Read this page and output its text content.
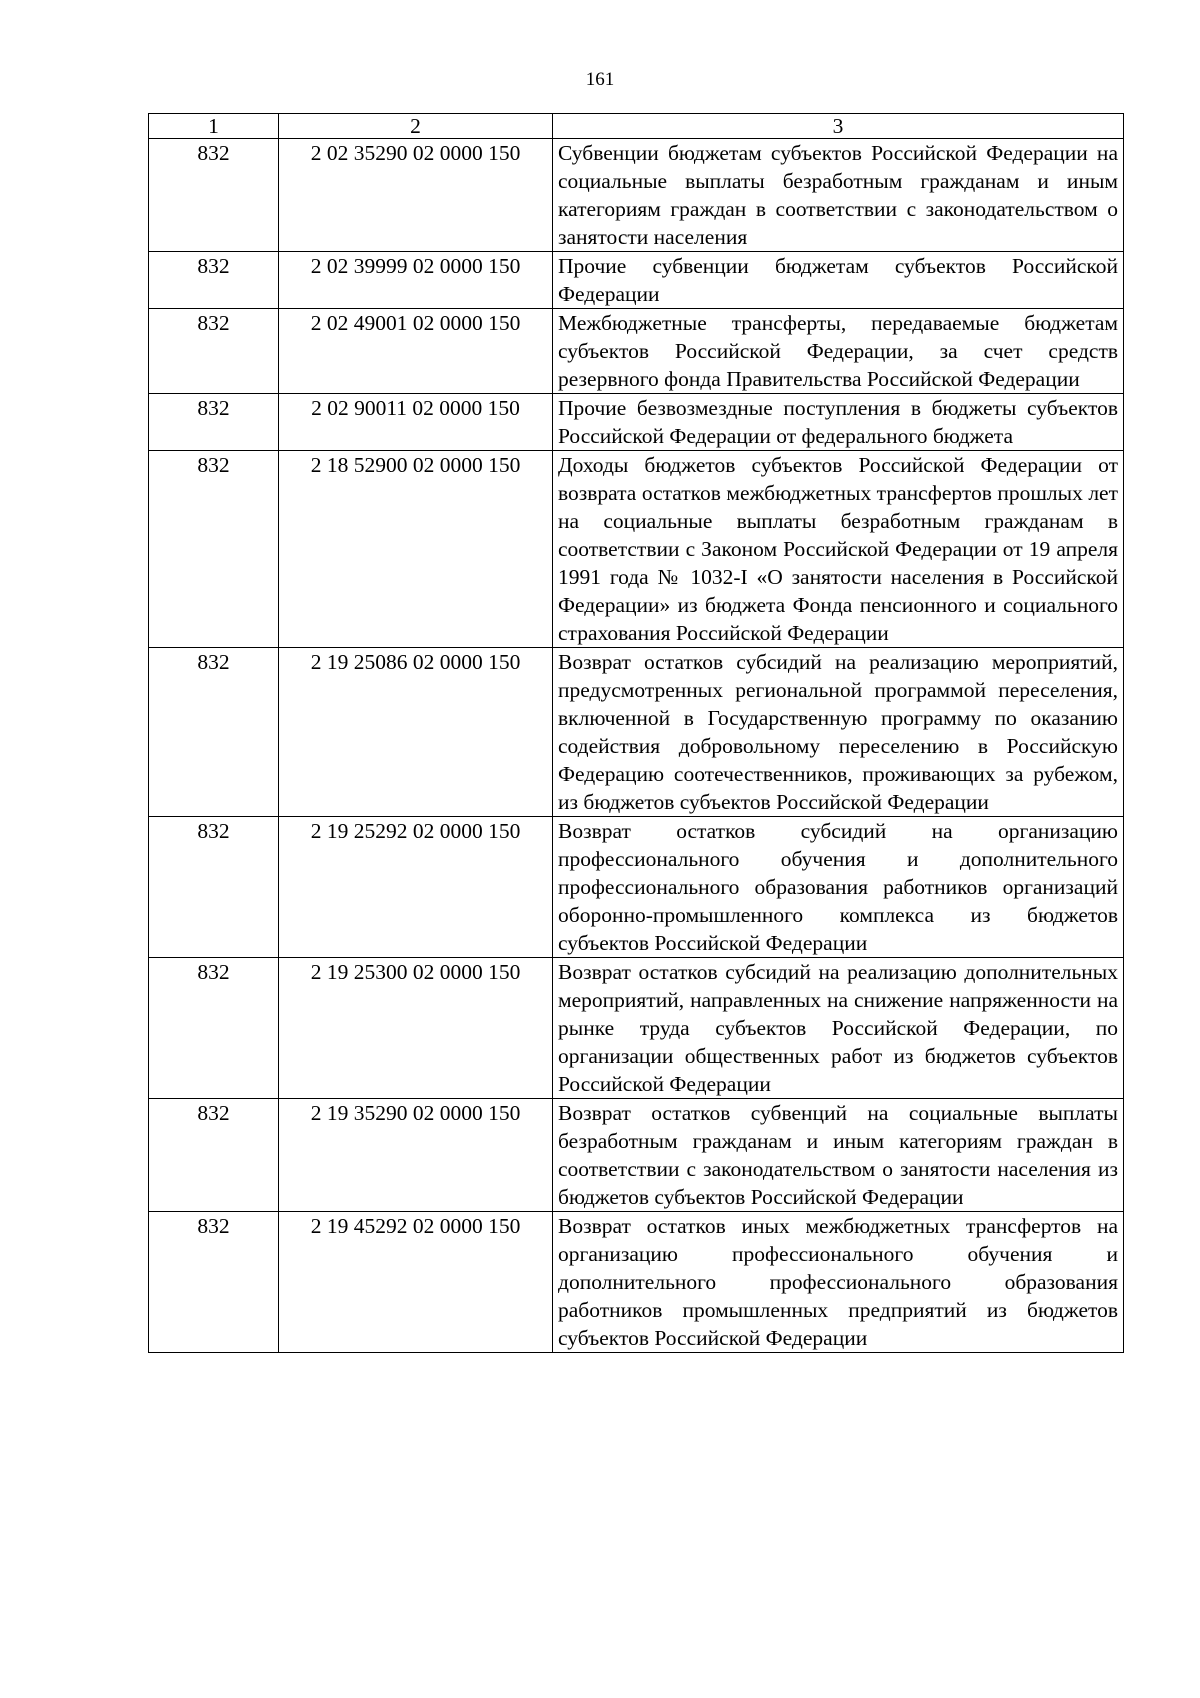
161
1	2	3
832	2 02 35290 02 0000 150	Субвенции бюджетам субъектов Российской Федерации на социальные выплаты безработным гражданам и иным категориям граждан в соответствии с законодательством о занятости населения
832	2 02 39999 02 0000 150	Прочие субвенции бюджетам субъектов Российской Федерации
832	2 02 49001 02 0000 150	Межбюджетные трансферты, передаваемые бюджетам субъектов Российской Федерации, за счет средств резервного фонда Правительства Российской Федерации
832	2 02 90011 02 0000 150	Прочие безвозмездные поступления в бюджеты субъектов Российской Федерации от федерального бюджета
832	2 18 52900 02 0000 150	Доходы бюджетов субъектов Российской Федерации от возврата остатков межбюджетных трансфертов прошлых лет на социальные выплаты безработным гражданам в соответствии с Законом Российской Федерации от 19 апреля 1991 года № 1032-I «О занятости населения в Российской Федерации» из бюджета Фонда пенсионного и социального страхования Российской Федерации
832	2 19 25086 02 0000 150	Возврат остатков субсидий на реализацию мероприятий, предусмотренных региональной программой переселения, включенной в Государственную программу по оказанию содействия добровольному переселению в Российскую Федерацию соотечественников, проживающих за рубежом, из бюджетов субъектов Российской Федерации
832	2 19 25292 02 0000 150	Возврат остатков субсидий на организацию профессионального обучения и дополнительного профессионального образования работников организаций оборонно-промышленного комплекса из бюджетов субъектов Российской Федерации
832	2 19 25300 02 0000 150	Возврат остатков субсидий на реализацию дополнительных мероприятий, направленных на снижение напряженности на рынке труда субъектов Российской Федерации, по организации общественных работ из бюджетов субъектов Российской Федерации
832	2 19 35290 02 0000 150	Возврат остатков субвенций на социальные выплаты безработным гражданам и иным категориям граждан в соответствии с законодательством о занятости населения из бюджетов субъектов Российской Федерации
832	2 19 45292 02 0000 150	Возврат остатков иных межбюджетных трансфертов на организацию профессионального обучения и дополнительного профессионального образования работников промышленных предприятий из бюджетов субъектов Российской Федерации
